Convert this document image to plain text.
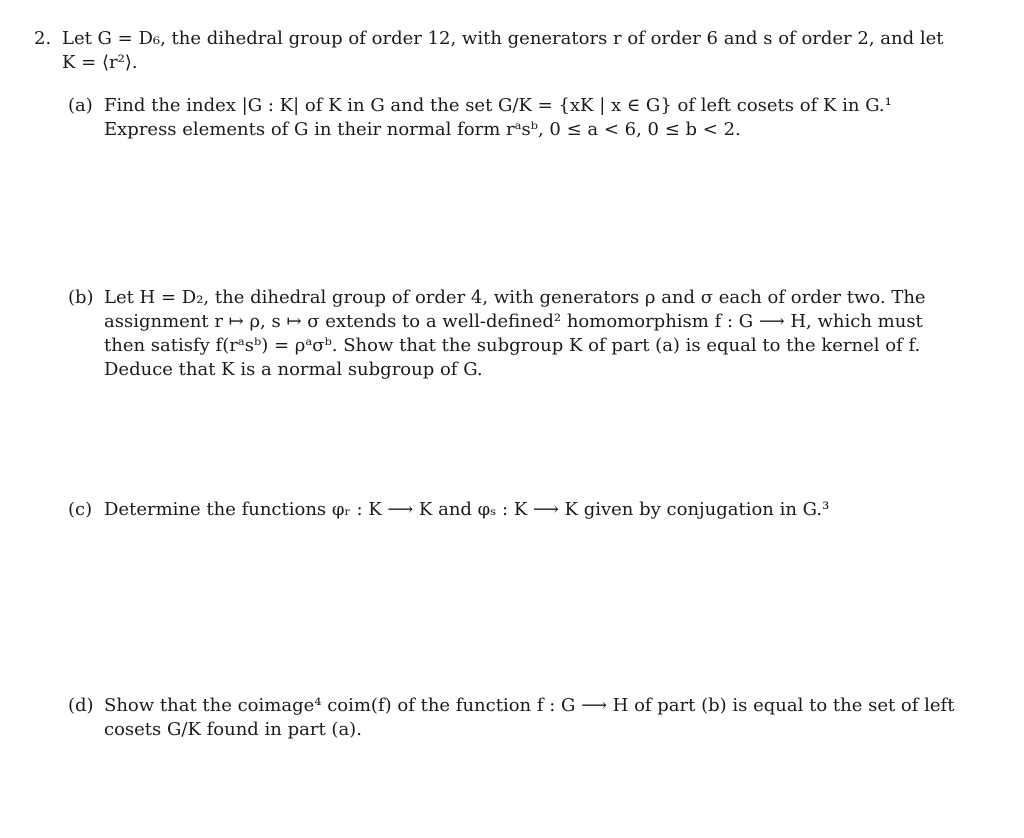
2. Let G = D₆, the dihedral group of order 12, with generators r of order 6 and s of order 2, and let
K = ⟨r²⟩.
(a) Find the index |G : K| of K in G and the set G/K = {xK | x ∈ G} of left cosets of K in G.¹
Express elements of G in their normal form rᵃsᵇ, 0 ≤ a < 6, 0 ≤ b < 2.
(b) Let H = D₂, the dihedral group of order 4, with generators ρ and σ each of order two. The
assignment r ↦ ρ, s ↦ σ extends to a well-defined² homomorphism f : G ⟶ H, which must
then satisfy f(rᵃsᵇ) = ρᵃσᵇ. Show that the subgroup K of part (a) is equal to the kernel of f.
Deduce that K is a normal subgroup of G.
(c) Determine the functions φᵣ : K ⟶ K and φₛ : K ⟶ K given by conjugation in G.³
(d) Show that the coimage⁴ coim(f) of the function f : G ⟶ H of part (b) is equal to the set of left
cosets G/K found in part (a).
